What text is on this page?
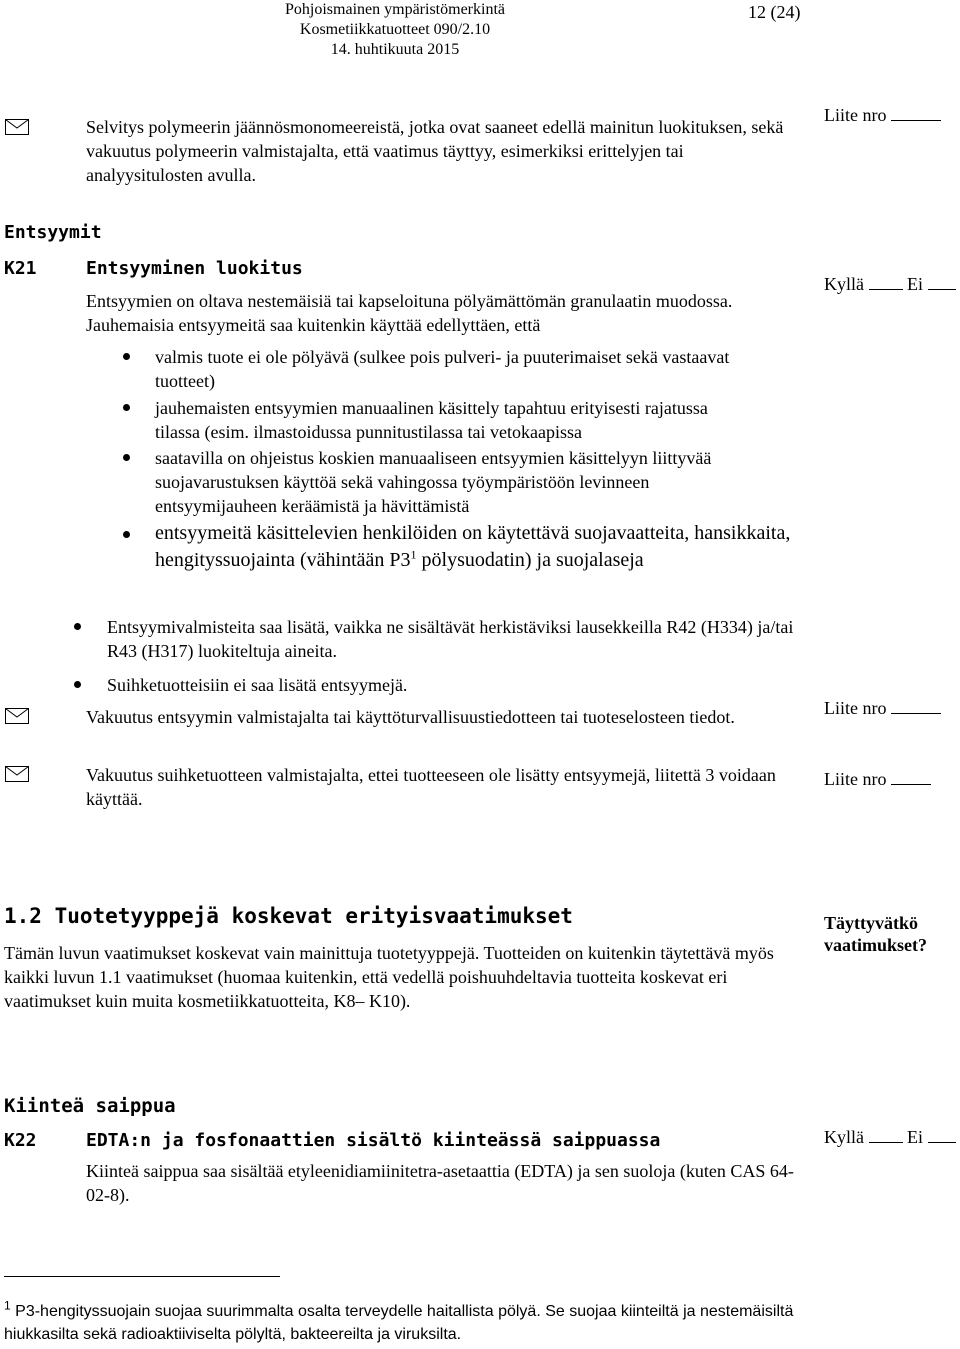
Pohjoismainen ympäristömerkintä
Kosmetiikkatuotteet 090/2.10
14. huhtikuuta 2015
12 (24)
Selvitys polymeerin jäännösmonomeereistä, jotka ovat saaneet edellä mainitun luokituksen, sekä vakuutus polymeerin valmistajalta, että vaatimus täyttyy, esimerkiksi erittelyjen tai analyysitulosten avulla.
Liite nro
Entsyymit
K21	Entsyyminen luokitus
Entsyymien on oltava nestemäisiä tai kapseloituna pölyämättömän granulaatin muodossa. Jauhemaisia entsyymeitä saa kuitenkin käyttää edellyttäen, että
Kyllä Ei
valmis tuote ei ole pölyävä (sulkee pois pulveri- ja puuterimaiset sekä vastaavat tuotteet)
jauhemaisten entsyymien manuaalinen käsittely tapahtuu erityisesti rajatussa tilassa (esim. ilmastoidussa punnitustilassa tai vetokaapissa
saatavilla on ohjeistus koskien manuaaliseen entsyymien käsittelyyn liittyvää suojavarustuksen käyttöä sekä vahingossa työympäristöön levinneen entsyymijauheen keräämistä ja hävittämistä
entsyymeitä käsittelevien henkilöiden on käytettävä suojavaatteita, hansikkaita, hengityssuojainta (vähintään $P3^1$ pölysuodatin) ja suojalaseja
Entsyymivalmisteita saa lisätä, vaikka ne sisältävät herkistäviksi lausekkeilla R42 (H334) ja/tai R43 (H317) luokiteltuja aineita.
Suihketuotteisiin ei saa lisätä entsyymejä.
Vakuutus entsyymin valmistajalta tai käyttöturvallisuustiedotteen tai tuoteselosteen tiedot.	Liite nro
Vakuutus suihketuotteen valmistajalta, ettei tuotteeseen ole lisätty entsyymejä, liitettä 3 voidaan käyttää.
Liite nro
1.2 Tuotetyyppejä koskevat erityisvaatimukset	Täyttyvätkö vaatimukset?
Tämän luvun vaatimukset koskevat vain mainittuja tuotetyyppejä. Tuotteiden on kuitenkin täytettävä myös kaikki luvun 1.1 vaatimukset (huomaa kuitenkin, että vedellä poishuuhdeltavia tuotteita koskevat eri vaatimukset kuin muita kosmetiikkatuotteita, K8– K10).
Kiinteä saippua
K22	EDTA:n ja fosfonaattien sisältö kiinteässä saippuassa
Kiinteä saippua saa sisältää etyleenidiamiinitetra-asetaattia (EDTA) ja sen suoloja (kuten CAS 64-02-8).
Kyllä Ei
$^1$ P3-hengityssuojain suojaa suurimmalta osalta terveydelle haitallista pölyä. Se suojaa kiinteiltä ja nestemäisiltä hiukkasilta sekä radioaktiiviselta pölyltä, bakteereilta ja viruksilta.
